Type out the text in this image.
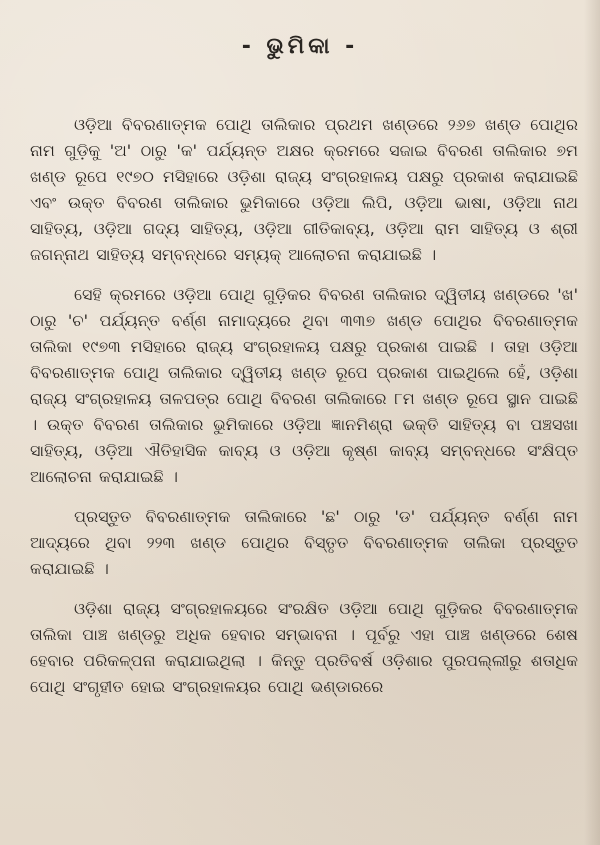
- ଭୁମିକା -

ଓଡ଼ିଆ ବିବରଣାତ୍ମକ ପୋଥି ତାଲିକାର ପ୍ରଥମ ଖଣ୍ଡରେ ୨୬୭ ଖଣ୍ଡ ପୋଥିର ନାମ ଗୁଡ଼ିକୁ 'ଅ' ଠାରୁ 'କ' ପର୍ଯ୍ୟନ୍ତ ଅକ୍ଷର କ୍ରମରେ ସଜାଇ ବିବରଣ ତାଲିକାର ୭ମ ଖଣ୍ଡ ରୂପେ ୧୯୭୦ ମସିହାରେ ଓଡ଼ିଶା ରାଜ୍ୟ ସଂଗ୍ରହାଳୟ ପକ୍ଷରୁ ପ୍ରକାଶ କରାଯାଇଛି ଏବଂ ଉକ୍ତ ବିବରଣ ତାଲିକାର ଭୁମିକାରେ ଓଡ଼ିଆ ଲିପି, ଓଡ଼ିଆ ଭାଷା, ଓଡ଼ିଆ ନାଥ ସାହିତ୍ୟ, ଓଡ଼ିଆ ଗଦ୍ୟ ସାହିତ୍ୟ, ଓଡ଼ିଆ ଗୀତିକାବ୍ୟ, ଓଡ଼ିଆ ରାମ ସାହିତ୍ୟ ଓ ଶ୍ରୀ ଜଗନ୍ନାଥ ସାହିତ୍ୟ ସମ୍ବନ୍ଧରେ ସମ୍ୟକ୍ ଆଲୋଚନା କରାଯାଇଛି ।

ସେହି କ୍ରମରେ ଓଡ଼ିଆ ପୋଥି ଗୁଡ଼ିକର ବିବରଣ ତାଲିକାର ଦ୍ୱିତୀୟ ଖଣ୍ଡରେ 'ଖ' ଠାରୁ 'ଚ' ପର୍ଯ୍ୟନ୍ତ ବର୍ଣ୍ଣ ନାମାଦ୍ୟରେ ଥିବା ୩୩୭ ଖଣ୍ଡ ପୋଥିର ବିବରଣାତ୍ମକ ତାଲିକା ୧୯୭୩ ମସିହାରେ ରାଜ୍ୟ ସଂଗ୍ରହାଳୟ ପକ୍ଷରୁ ପ୍ରକାଶ ପାଇଛି । ତାହା ଓଡ଼ିଆ ବିବରଣାତ୍ମକ ପୋଥି ତାଲିକାର ଦ୍ୱିତୀୟ ଖଣ୍ଡ ରୂପେ ପ୍ରକାଶ ପାଇଥିଲେ ହେଁ, ଓଡ଼ିଶା ରାଜ୍ୟ ସଂଗ୍ରହାଳୟ ତାଳପତ୍ର ପୋଥି ବିବରଣ ତାଲିକାରେ ୮ମ ଖଣ୍ଡ ରୂପେ ସ୍ଥାନ ପାଇଛି । ଉକ୍ତ ବିବରଣ ତାଲିକାର ଭୁମିକାରେ ଓଡ଼ିଆ ଜ୍ଞାନମିଶ୍ରା ଭକ୍ତି ସାହିତ୍ୟ ବା ପଞ୍ଚସଖା ସାହିତ୍ୟ, ଓଡ଼ିଆ ଐତିହାସିକ କାବ୍ୟ ଓ ଓଡ଼ିଆ କୃଷ୍ଣ କାବ୍ୟ ସମ୍ବନ୍ଧରେ ସଂକ୍ଷିପ୍ତ ଆଲୋଚନା କରାଯାଇଛି ।

ପ୍ରସ୍ତୁତ ବିବରଣାତ୍ମକ ତାଲିକାରେ 'ଛ' ଠାରୁ 'ଡ' ପର୍ଯ୍ୟନ୍ତ ବର୍ଣ୍ଣ ନାମ ଆଦ୍ୟରେ ଥିବା ୨୨୩ ଖଣ୍ଡ ପୋଥିର ବିସ୍ତୃତ ବିବରଣାତ୍ମକ ତାଲିକା ପ୍ରସ୍ତୁତ କରାଯାଇଛି ।

ଓଡ଼ିଶା ରାଜ୍ୟ ସଂଗ୍ରହାଳୟରେ ସଂରକ୍ଷିତ ଓଡ଼ିଆ ପୋଥି ଗୁଡ଼ିକର ବିବରଣାତ୍ମକ ତାଲିକା ପାଞ୍ଚ ଖଣ୍ଡରୁ ଅଧିକ ହେବାର ସମ୍ଭାବନା । ପୂର୍ବରୁ ଏହା ପାଞ୍ଚ ଖଣ୍ଡରେ ଶେଷ ହେବାର ପରିକଳ୍ପନା କରାଯାଇଥିଲା । କିନ୍ତୁ ପ୍ରତିବର୍ଷ ଓଡ଼ିଶାର ପୁରପଲ୍ଲୀରୁ ଶତାଧିକ ପୋଥି ସଂଗୃହୀତ ହୋଇ ସଂଗ୍ରହାଳୟର ପୋଥି ଭଣ୍ଡାରରେ
